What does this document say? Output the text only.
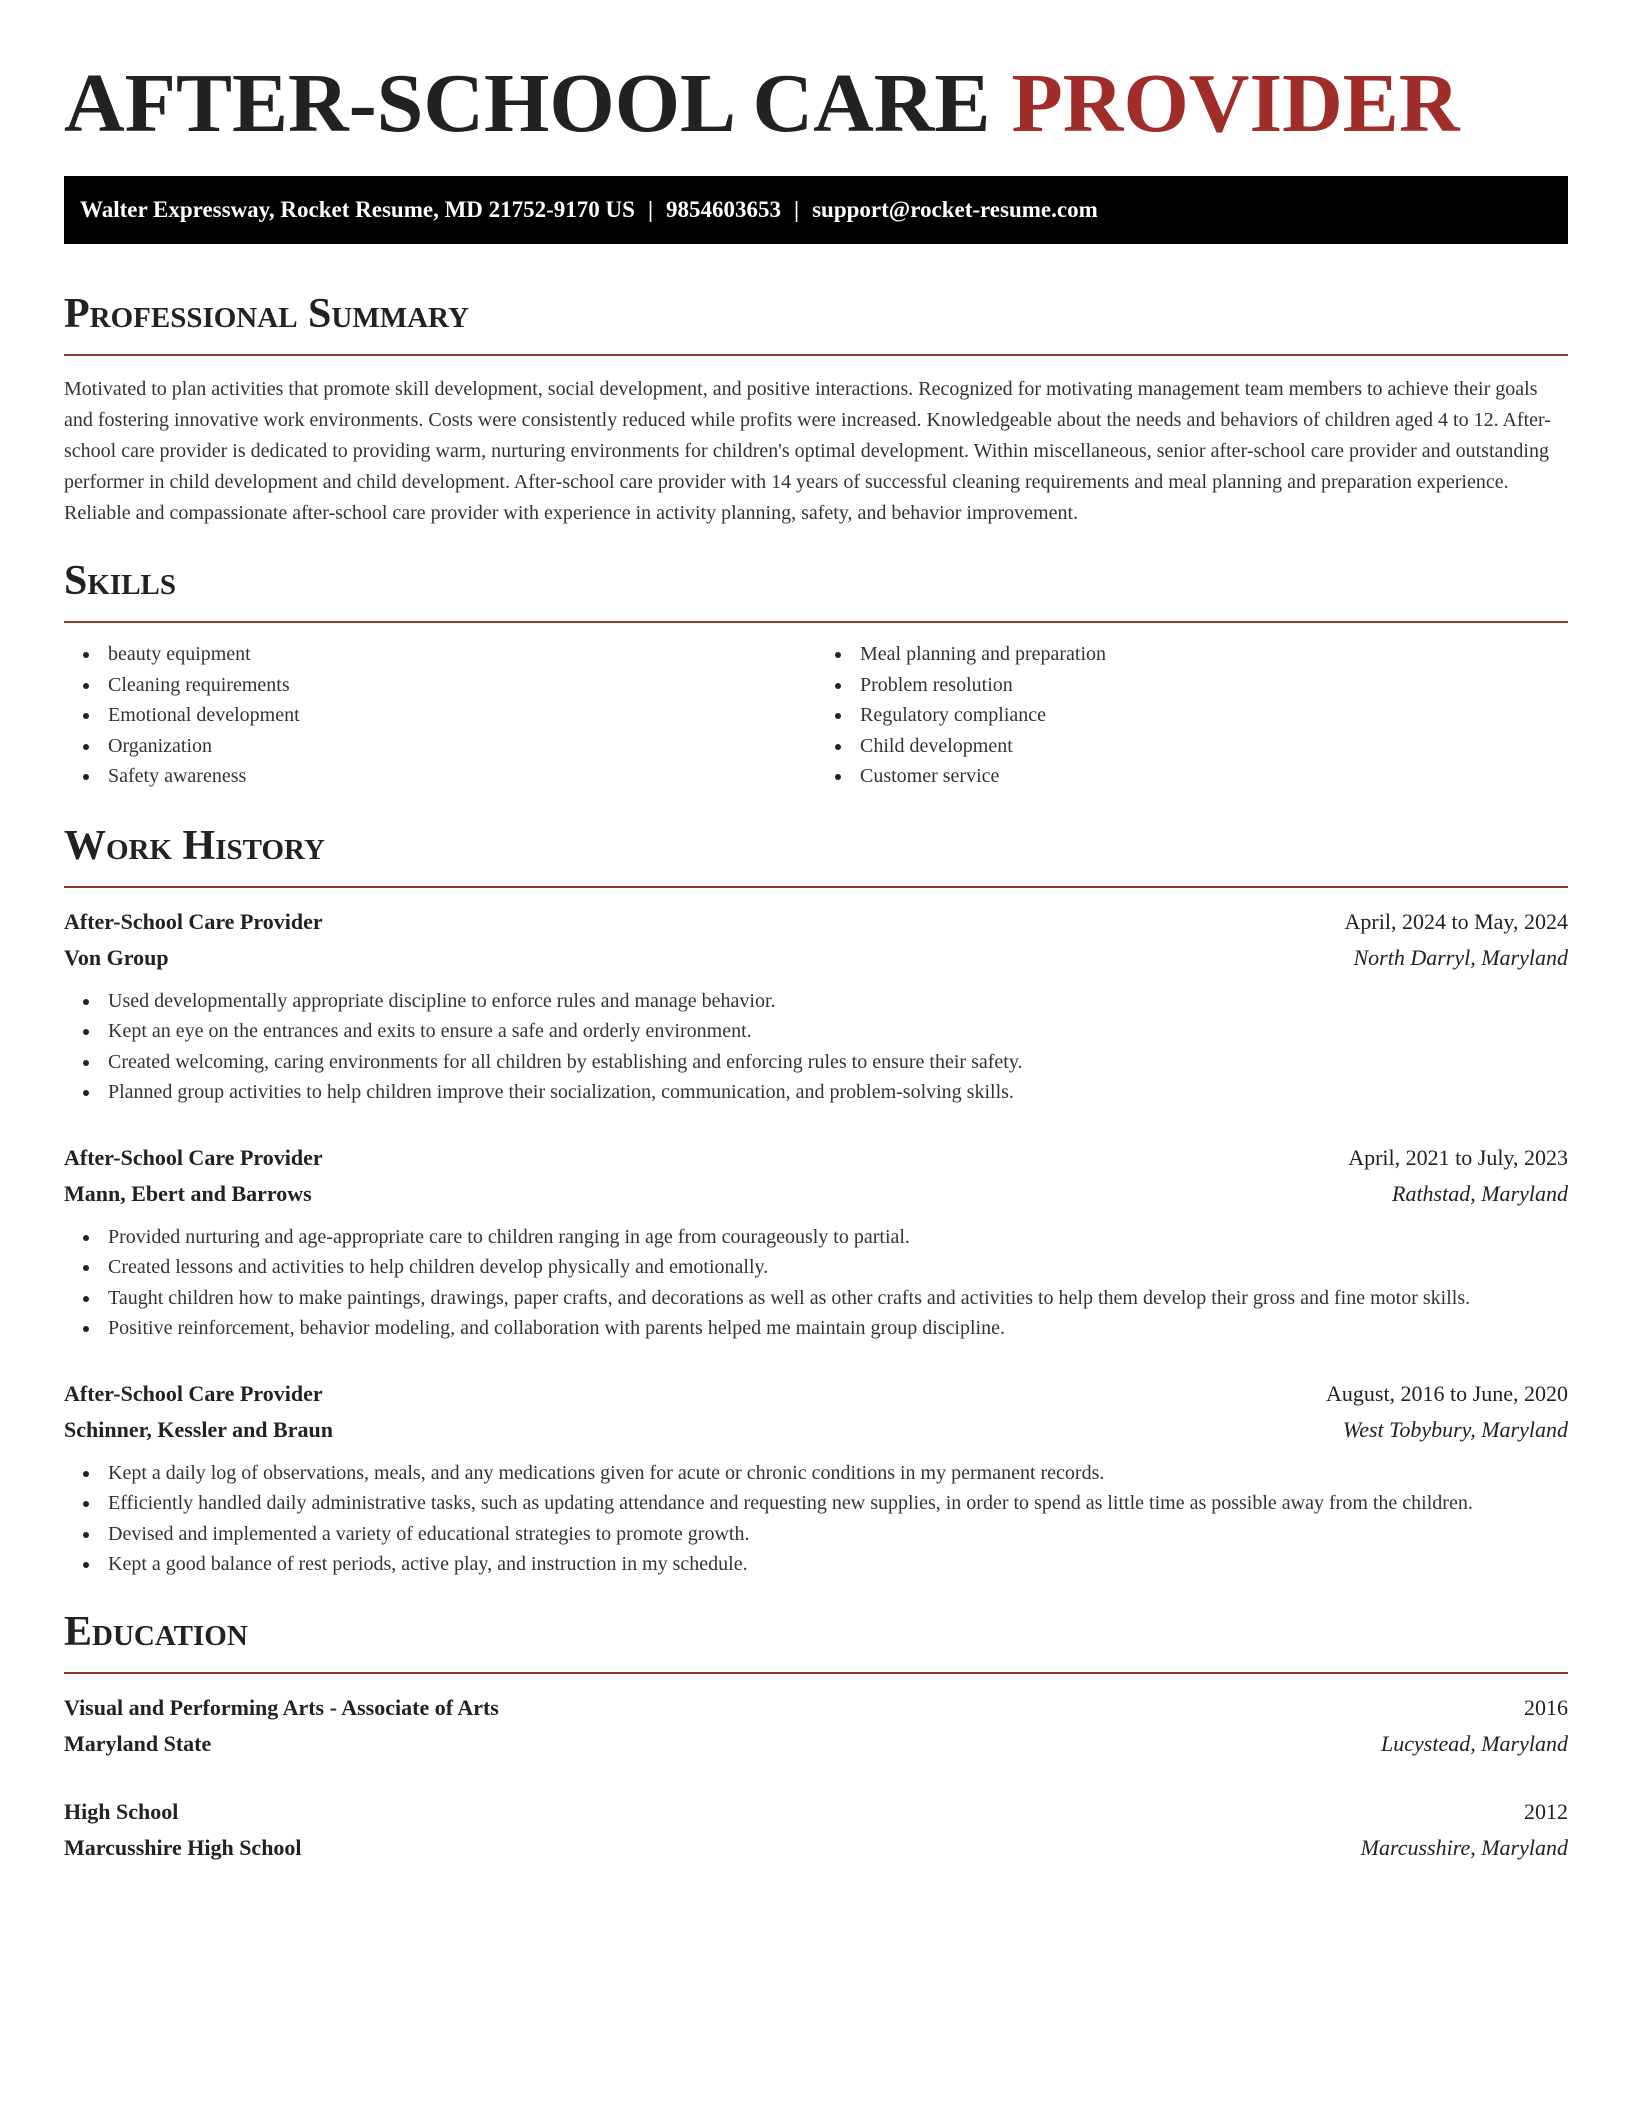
AFTER-SCHOOL CARE PROVIDER
Walter Expressway, Rocket Resume, MD 21752-9170 US | 9854603653 | support@rocket-resume.com
Professional Summary

Motivated to plan activities that promote skill development, social development, and positive interactions. Recognized for motivating management team members to achieve their goals and fostering innovative work environments. Costs were consistently reduced while profits were increased. Knowledgeable about the needs and behaviors of children aged 4 to 12. After-school care provider is dedicated to providing warm, nurturing environments for children's optimal development. Within miscellaneous, senior after-school care provider and outstanding performer in child development and child development. After-school care provider with 14 years of successful cleaning requirements and meal planning and preparation experience. Reliable and compassionate after-school care provider with experience in activity planning, safety, and behavior improvement.

Skills
beauty equipment
Cleaning requirements
Emotional development
Organization
Safety awareness
Meal planning and preparation
Problem resolution
Regulatory compliance
Child development
Customer service
Work History
After-School Care Provider	April, 2024 to May, 2024
Von Group	North Darryl, Maryland
Used developmentally appropriate discipline to enforce rules and manage behavior.
Kept an eye on the entrances and exits to ensure a safe and orderly environment.
Created welcoming, caring environments for all children by establishing and enforcing rules to ensure their safety.
Planned group activities to help children improve their socialization, communication, and problem-solving skills.
After-School Care Provider	April, 2021 to July, 2023
Mann, Ebert and Barrows	Rathstad, Maryland
Provided nurturing and age-appropriate care to children ranging in age from courageously to partial.
Created lessons and activities to help children develop physically and emotionally.
Taught children how to make paintings, drawings, paper crafts, and decorations as well as other crafts and activities to help them develop their gross and fine motor skills.
Positive reinforcement, behavior modeling, and collaboration with parents helped me maintain group discipline.
After-School Care Provider	August, 2016 to June, 2020
Schinner, Kessler and Braun	West Tobybury, Maryland
Kept a daily log of observations, meals, and any medications given for acute or chronic conditions in my permanent records.
Efficiently handled daily administrative tasks, such as updating attendance and requesting new supplies, in order to spend as little time as possible away from the children.
Devised and implemented a variety of educational strategies to promote growth.
Kept a good balance of rest periods, active play, and instruction in my schedule.
Education
Visual and Performing Arts - Associate of Arts	2016
Maryland State	Lucystead, Maryland
High School	2012
Marcusshire High School	Marcusshire, Maryland
